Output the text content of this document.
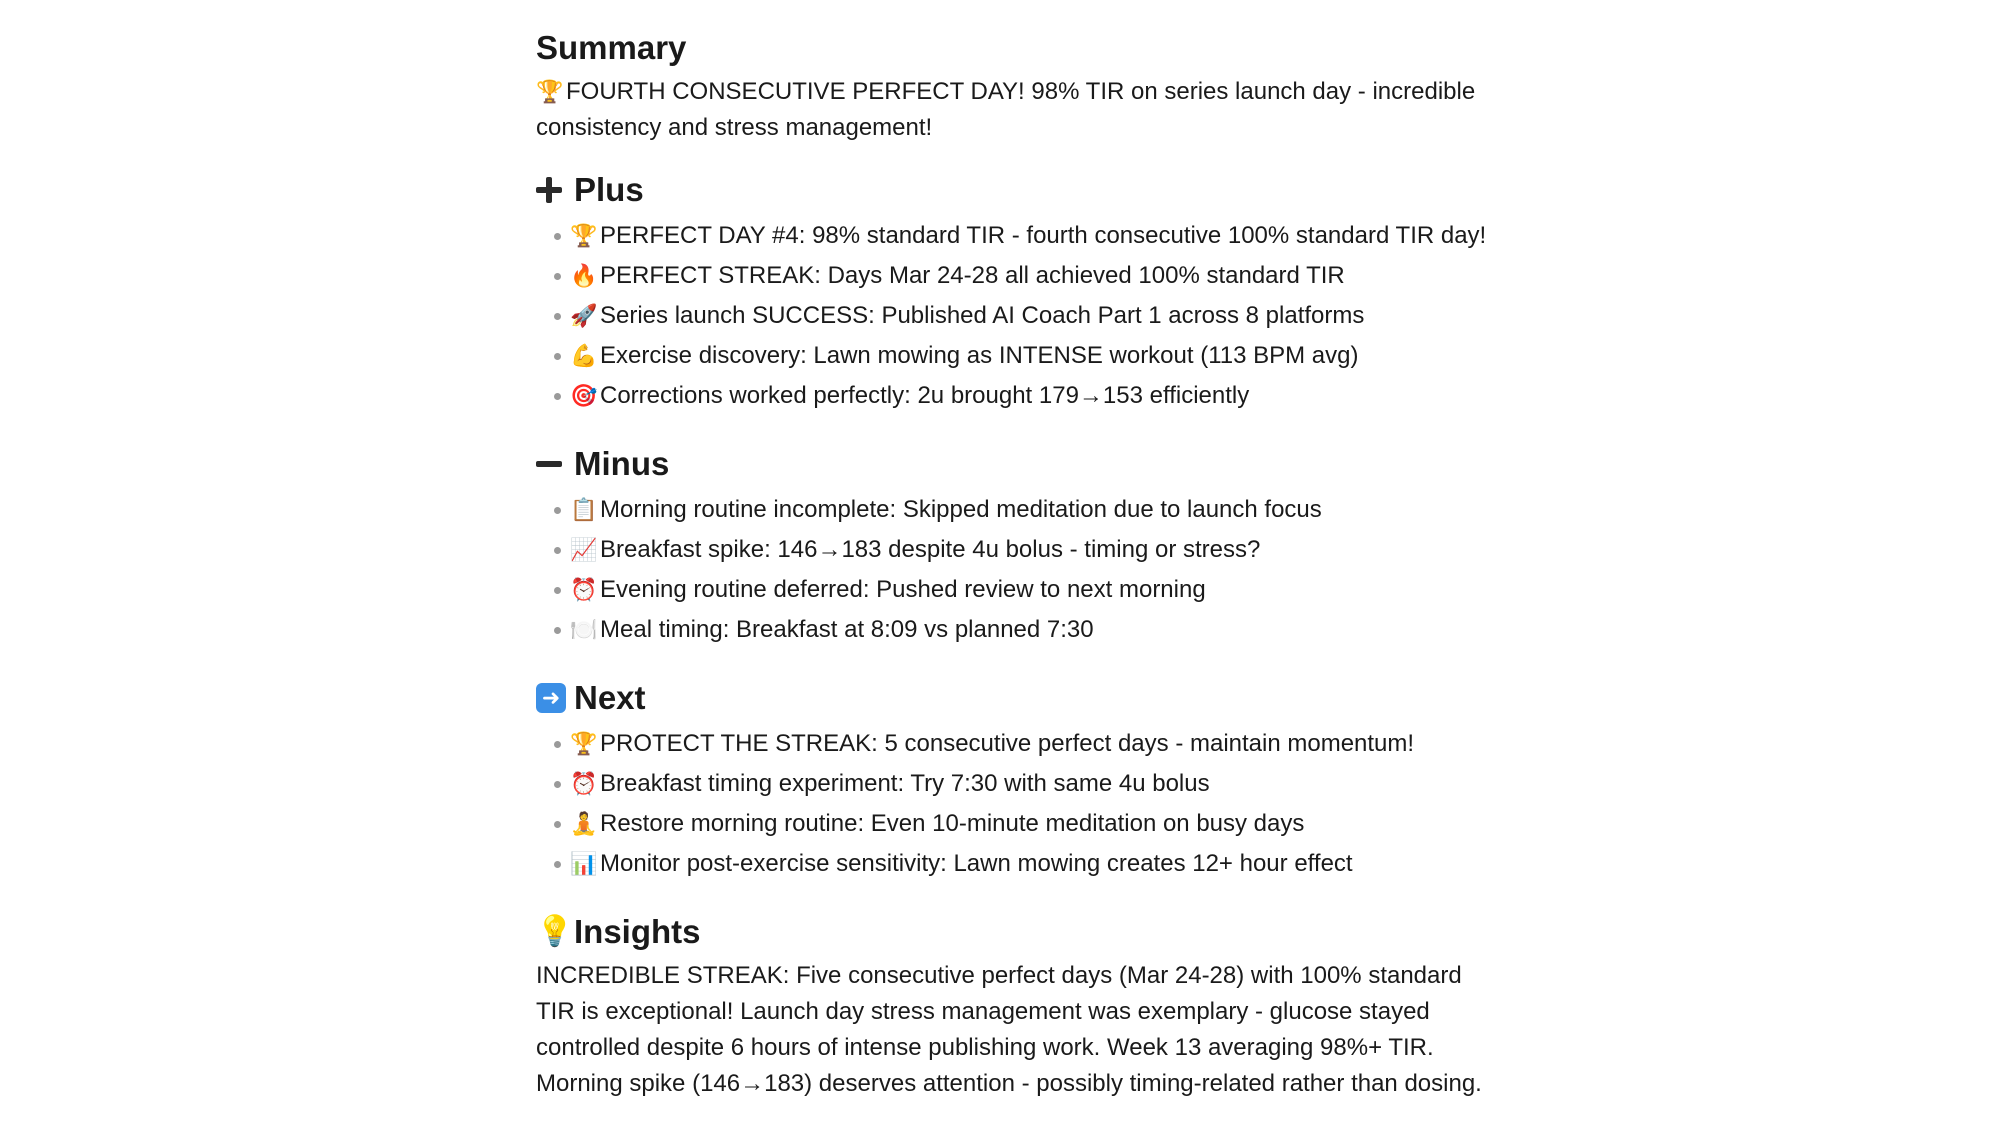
Summary

🏆 FOURTH CONSECUTIVE PERFECT DAY! 98% TIR on series launch day - incredible consistency and stress management!

Plus
🏆 PERFECT DAY #4: 98% standard TIR - fourth consecutive 100% standard TIR day!
🔥 PERFECT STREAK: Days Mar 24-28 all achieved 100% standard TIR
🚀 Series launch SUCCESS: Published AI Coach Part 1 across 8 platforms
💪 Exercise discovery: Lawn mowing as INTENSE workout (113 BPM avg)
🎯 Corrections worked perfectly: 2u brought 179→153 efficiently
Minus
📋 Morning routine incomplete: Skipped meditation due to launch focus
📈 Breakfast spike: 146→183 despite 4u bolus - timing or stress?
⏰ Evening routine deferred: Pushed review to next morning
🍽️ Meal timing: Breakfast at 8:09 vs planned 7:30
➜ Next
🏆 PROTECT THE STREAK: 5 consecutive perfect days - maintain momentum!
⏰ Breakfast timing experiment: Try 7:30 with same 4u bolus
🧘 Restore morning routine: Even 10-minute meditation on busy days
📊 Monitor post-exercise sensitivity: Lawn mowing creates 12+ hour effect
💡 Insights

INCREDIBLE STREAK: Five consecutive perfect days (Mar 24-28) with 100% standard TIR is exceptional! Launch day stress management was exemplary - glucose stayed controlled despite 6 hours of intense publishing work. Week 13 averaging 98%+ TIR. Morning spike (146→183) deserves attention - possibly timing-related rather than dosing.
